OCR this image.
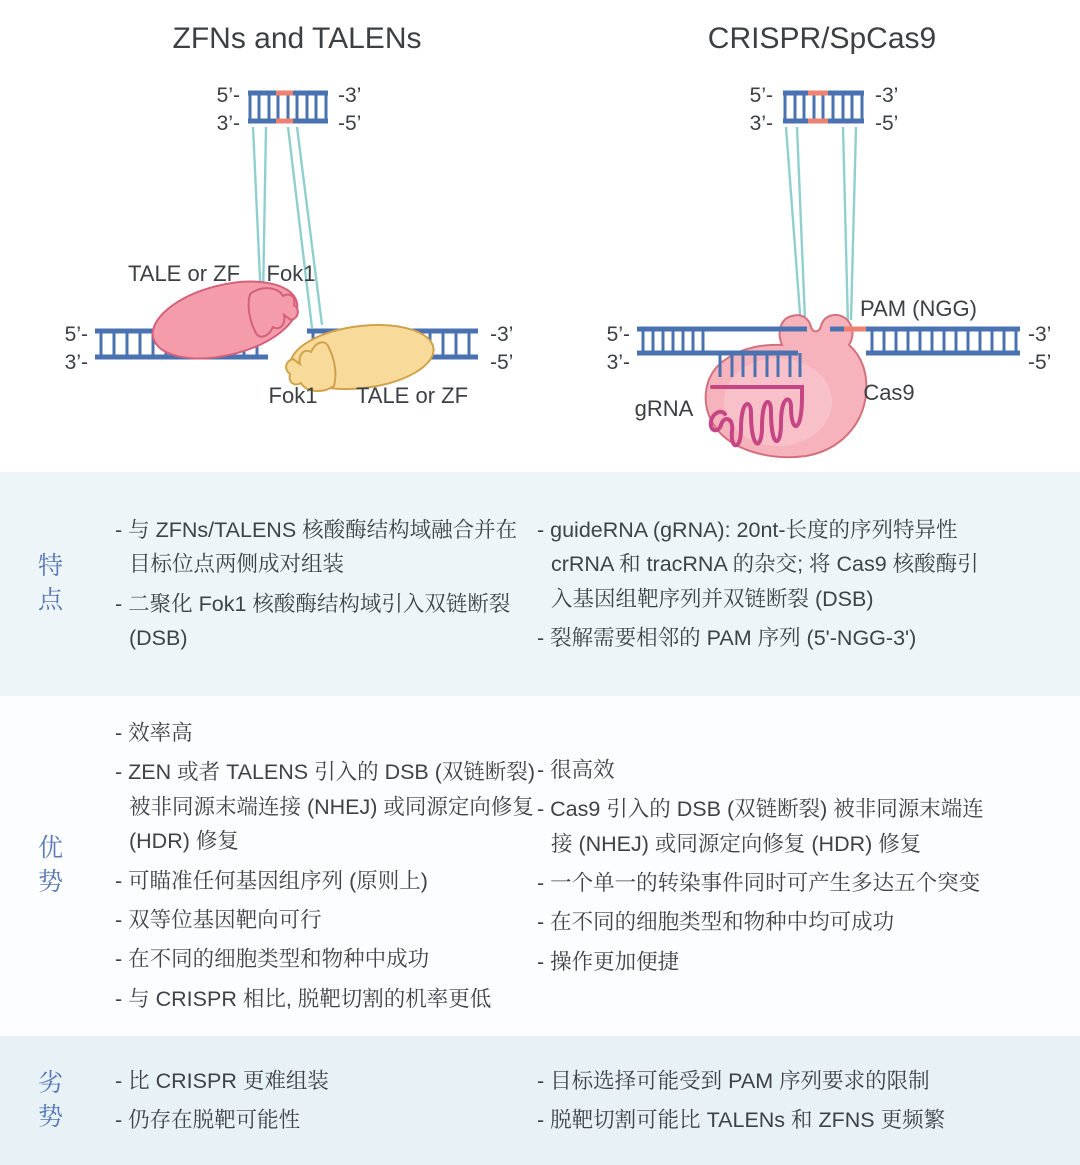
ZFNs and TALENs
5’-
3’-
-3’
-5’
5’-
3’-
-3’
-5’
TALE or ZF Fok1
Fok1 TALE or ZF
CRISPR/SpCas9
5’-
3’-
-3’
-5’
5’-
3’-
-3’
-5’
PAM (NGG)
gRNA
Cas9
特点
- 与 ZFNs/TALENS 核酸酶结构域融合并在目标位点两侧成对组装
- 二聚化 Fok1 核酸酶结构域引入双链断裂 (DSB)
- guideRNA (gRNA): 20nt-长度的序列特异性 crRNA 和 tracRNA 的杂交; 将 Cas9 核酸酶引入基因组靶序列并双链断裂 (DSB)
- 裂解需要相邻的 PAM 序列 (5'-NGG-3')
优势
- 效率高
- ZEN 或者 TALENS 引入的 DSB (双链断裂) 被非同源末端连接 (NHEJ) 或同源定向修复 (HDR) 修复
- 可瞄准任何基因组序列 (原则上)
- 双等位基因靶向可行
- 在不同的细胞类型和物种中成功
- 与 CRISPR 相比, 脱靶切割的机率更低
- 很高效
- Cas9 引入的 DSB (双链断裂) 被非同源末端连接 (NHEJ) 或同源定向修复 (HDR) 修复
- 一个单一的转染事件同时可产生多达五个突变
- 在不同的细胞类型和物种中均可成功
- 操作更加便捷
劣势
- 比 CRISPR 更难组装
- 仍存在脱靶可能性
- 目标选择可能受到 PAM 序列要求的限制
- 脱靶切割可能比 TALENs 和 ZFNS 更频繁
